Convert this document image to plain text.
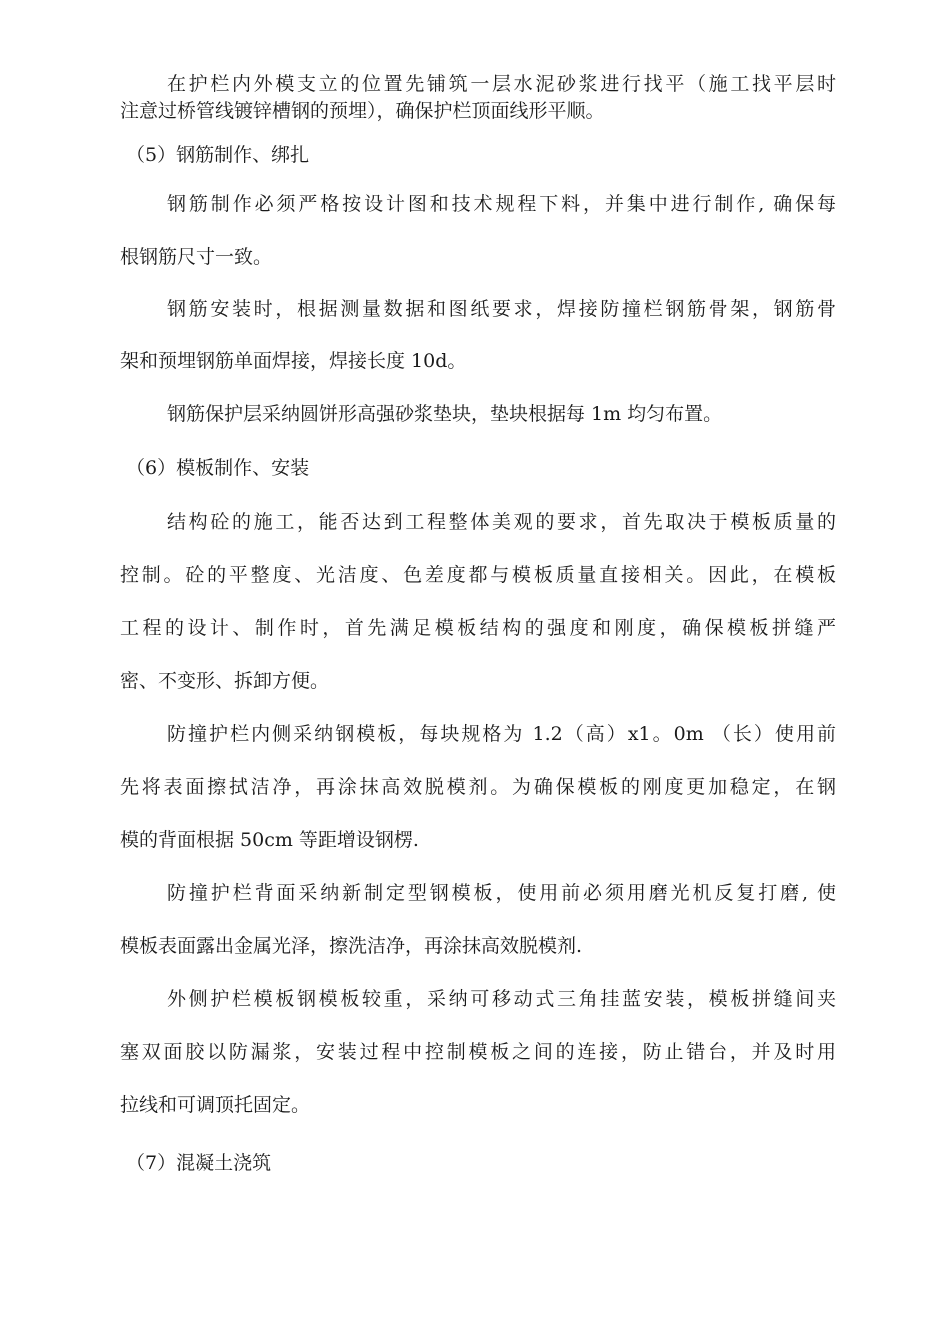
在护栏内外模支立的位置先铺筑一层水泥砂浆进行找平（施工找平层时
注意过桥管线镀锌槽钢的预埋），确保护栏顶面线形平顺。
（5）钢筋制作、绑扎
钢筋制作必须严格按设计图和技术规程下料，并集中进行制作, 确保每
根钢筋尺寸一致。
钢筋安装时，根据测量数据和图纸要求，焊接防撞栏钢筋骨架，钢筋骨
架和预埋钢筋单面焊接，焊接长度 10d。
钢筋保护层采纳圆饼形高强砂浆垫块，垫块根据每 1m 均匀布置。
（6）模板制作、安装
结构砼的施工，能否达到工程整体美观的要求，首先取决于模板质量的
控制。砼的平整度、光洁度、色差度都与模板质量直接相关。因此，在模板
工程的设计、制作时，首先满足模板结构的强度和刚度，确保模板拼缝严
密、不变形、拆卸方便。
防撞护栏内侧采纳钢模板，每块规格为 1.2（高）x1。0m （长）使用前
先将表面擦拭洁净，再涂抹高效脱模剂。为确保模板的刚度更加稳定，在钢
模的背面根据 50cm 等距增设钢楞.
防撞护栏背面采纳新制定型钢模板，使用前必须用磨光机反复打磨, 使
模板表面露出金属光泽，擦洗洁净，再涂抹高效脱模剂.
外侧护栏模板钢模板较重，采纳可移动式三角挂蓝安装，模板拼缝间夹
塞双面胶以防漏浆，安装过程中控制模板之间的连接，防止错台，并及时用
拉线和可调顶托固定。
（7）混凝土浇筑
